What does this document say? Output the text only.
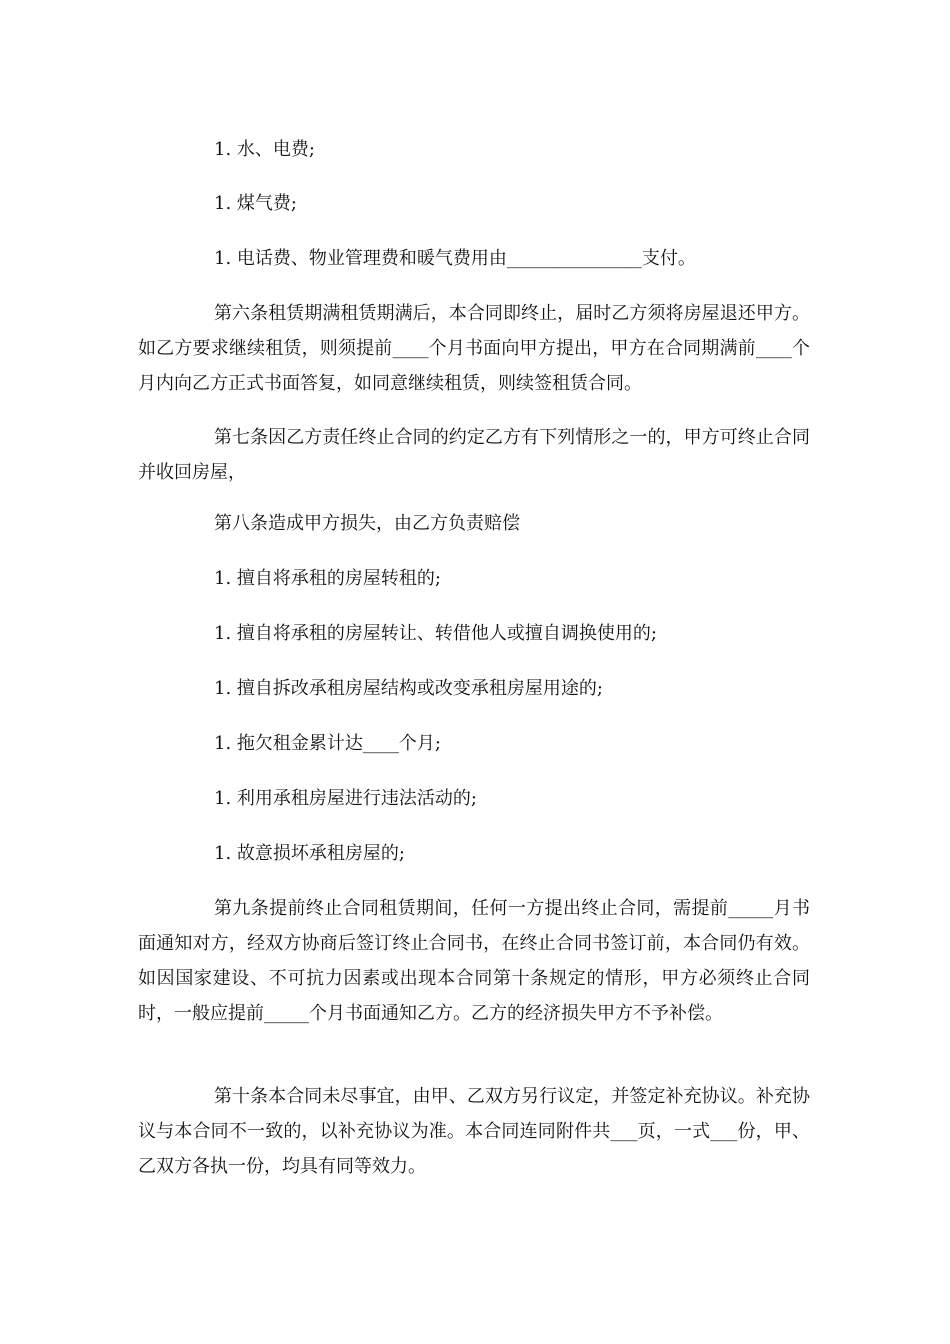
1. 水、电费;

1. 煤气费;

1. 电话费、物业管理费和暖气费用由_______________支付。

第六条租赁期满租赁期满后，本合同即终止，届时乙方须将房屋退还甲方。如乙方要求继续租赁，则须提前____个月书面向甲方提出，甲方在合同期满前____个月内向乙方正式书面答复，如同意继续租赁，则续签租赁合同。

第七条因乙方责任终止合同的约定乙方有下列情形之一的，甲方可终止合同并收回房屋，

第八条造成甲方损失，由乙方负责赔偿

1. 擅自将承租的房屋转租的;

1. 擅自将承租的房屋转让、转借他人或擅自调换使用的;

1. 擅自拆改承租房屋结构或改变承租房屋用途的;

1. 拖欠租金累计达____个月;

1. 利用承租房屋进行违法活动的;

1. 故意损坏承租房屋的;

第九条提前终止合同租赁期间，任何一方提出终止合同，需提前_____月书面通知对方，经双方协商后签订终止合同书，在终止合同书签订前，本合同仍有效。如因国家建设、不可抗力因素或出现本合同第十条规定的情形，甲方必须终止合同时，一般应提前_____个月书面通知乙方。乙方的经济损失甲方不予补偿。

第十条本合同未尽事宜，由甲、乙双方另行议定，并签定补充协议。补充协议与本合同不一致的，以补充协议为准。本合同连同附件共___页，一式___份，甲、乙双方各执一份，均具有同等效力。
